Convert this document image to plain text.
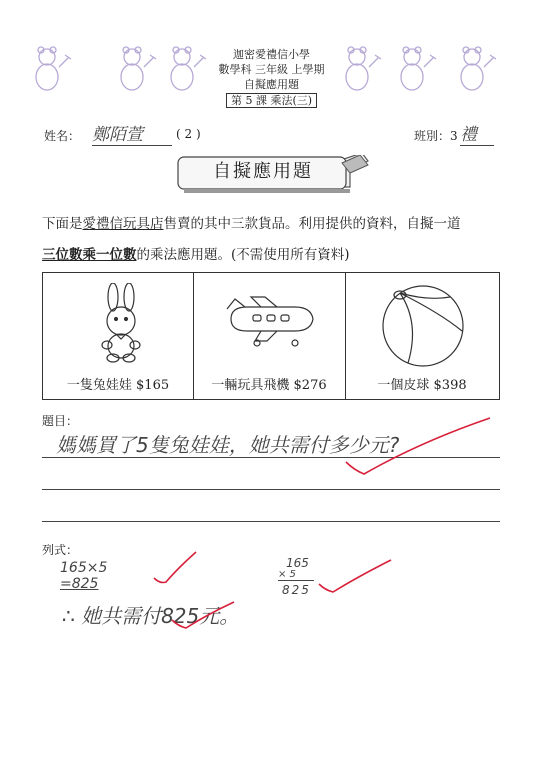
迦密愛禮信小學
數學科 三年級 上學期
自擬應用題
第 5 課 乘法(三)
姓名： 鄭陌萱	( 2 )	班別：3 禮
自擬應用題
下面是愛禮信玩具店售賣的其中三款貨品。利用提供的資料，自擬一道
三位數乘一位數的乘法應用題。(不需使用所有資料)
一隻兔娃娃 $165	一輛玩具飛機 $276	一個皮球 $398
題目：
媽媽買了5隻兔娃娃，她共需付多少元?
列式：
165×5
=825
∴ 她共需付825元。
165
× 5
825
